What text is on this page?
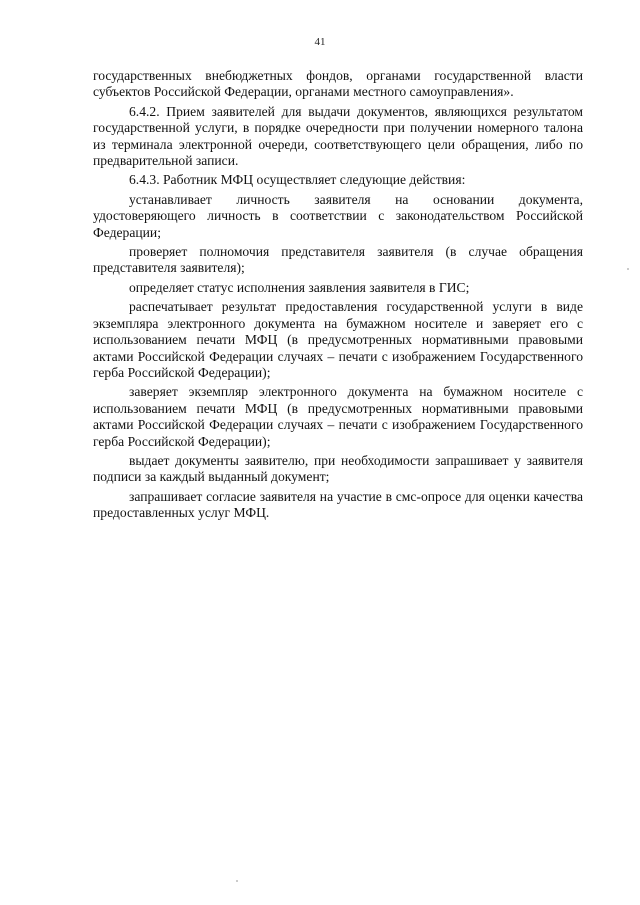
41

государственных внебюджетных фондов, органами государственной власти субъектов Российской Федерации, органами местного самоуправления».

6.4.2. Прием заявителей для выдачи документов, являющихся результатом государственной услуги, в порядке очередности при получении номерного талона из терминала электронной очереди, соответствующего цели обращения, либо по предварительной записи.

6.4.3. Работник МФЦ осуществляет следующие действия:

устанавливает личность заявителя на основании документа, удостоверяющего личность в соответствии с законодательством Российской Федерации;

проверяет полномочия представителя заявителя (в случае обращения представителя заявителя);

определяет статус исполнения заявления заявителя в ГИС;

распечатывает результат предоставления государственной услуги в виде экземпляра электронного документа на бумажном носителе и заверяет его с использованием печати МФЦ (в предусмотренных нормативными правовыми актами Российской Федерации случаях – печати с изображением Государственного герба Российской Федерации);

заверяет экземпляр электронного документа на бумажном носителе с использованием печати МФЦ (в предусмотренных нормативными правовыми актами Российской Федерации случаях – печати с изображением Государственного герба Российской Федерации);

выдает документы заявителю, при необходимости запрашивает у заявителя подписи за каждый выданный документ;

запрашивает согласие заявителя на участие в смс-опросе для оценки качества предоставленных услуг МФЦ.
